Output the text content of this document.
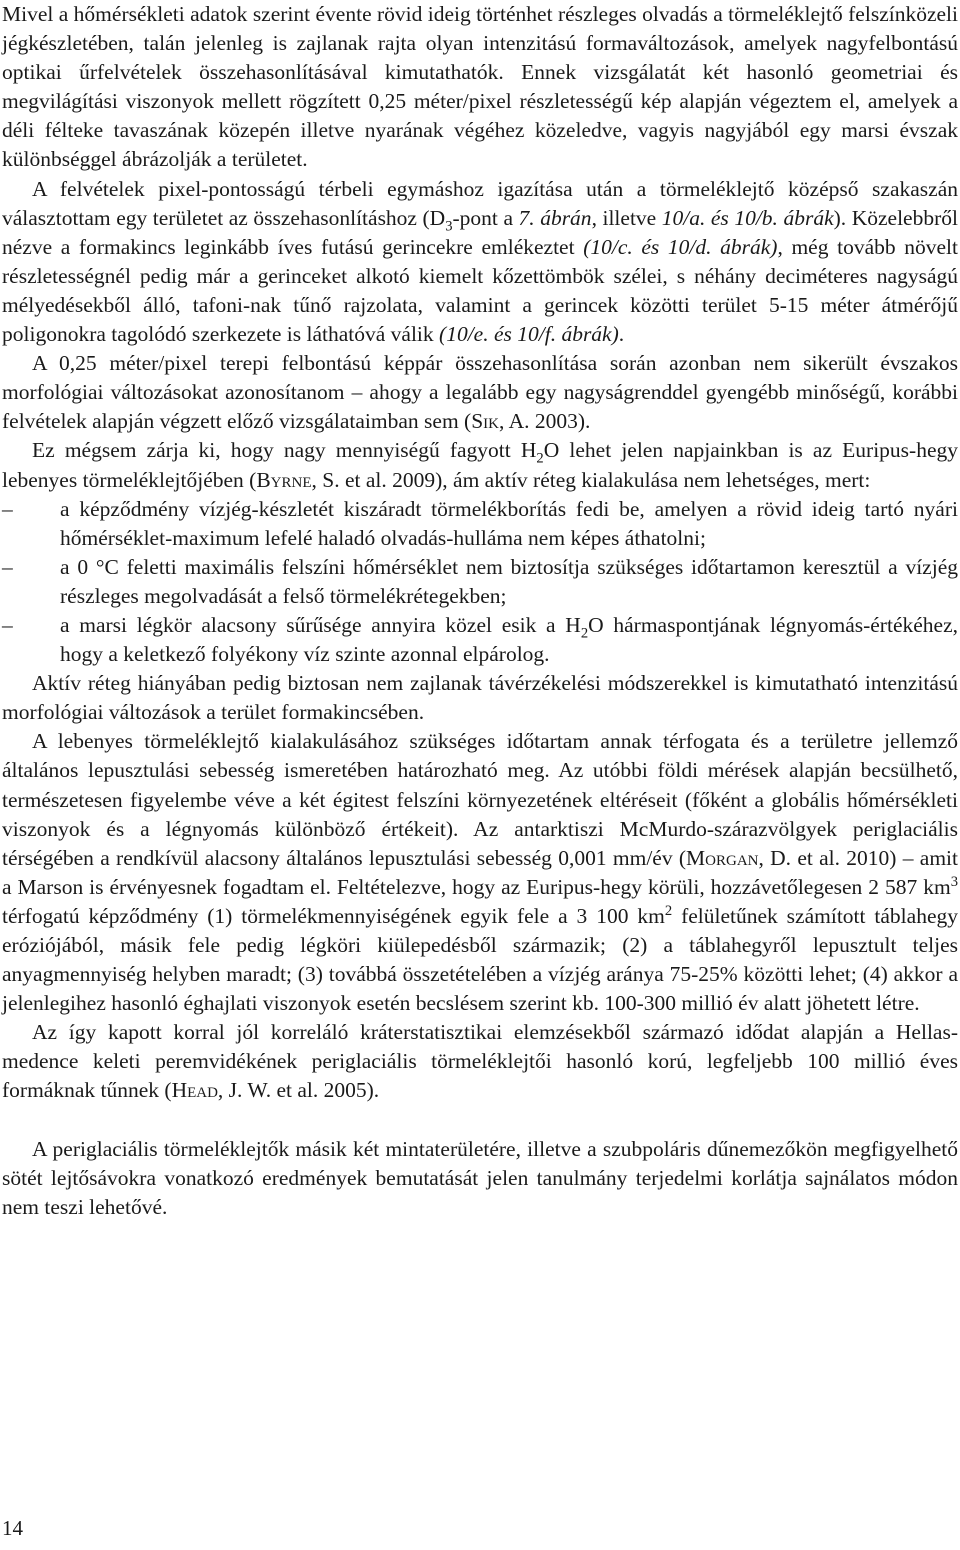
Mivel a hőmérsékleti adatok szerint évente rövid ideig történhet részleges olvadás a törmeléklejtő felszínközeli jégkészletében, talán jelenleg is zajlanak rajta olyan intenzitású formaváltozások, amelyek nagyfelbontású optikai űrfelvételek összehasonlításával kimutathatók. Ennek vizsgálatát két hasonló geometriai és megvilágítási viszonyok mellett rögzített 0,25 méter/pixel részletességű kép alapján végeztem el, amelyek a déli félteke tavaszának közepén illetve nyarának végéhez közeledve, vagyis nagyjából egy marsi évszak különbséggel ábrázolják a területet.

A felvételek pixel-pontosságú térbeli egymáshoz igazítása után a törmeléklejtő középső szakaszán választottam egy területet az összehasonlításhoz ($D_3$-pont a 7. ábrán, illetve 10/a. és 10/b. ábrák). Közelebbről nézve a formakincs leginkább íves futású gerincekre emlékeztet (10/c. és 10/d. ábrák), még tovább növelt részletességnél pedig már a gerinceket alkotó kiemelt kőzettömbök szélei, s néhány deciméteres nagyságú mélyedésekből álló, tafoni-nak tűnő rajzolata, valamint a gerincek közötti terület 5-15 méter átmérőjű poligonokra tagolódó szerkezete is láthatóvá válik (10/e. és 10/f. ábrák).

A 0,25 méter/pixel terepi felbontású képpár összehasonlítása során azonban nem sikerült évszakos morfológiai változásokat azonosítanom – ahogy a legalább egy nagyságrenddel gyengébb minőségű, korábbi felvételek alapján végzett előző vizsgálataimban sem (Sik, A. 2003).

Ez mégsem zárja ki, hogy nagy mennyiségű fagyott $H_2O$ lehet jelen napjainkban is az Euripus-hegy lebenyes törmeléklejtőjében (Byrne, S. et al. 2009), ám aktív réteg kialakulása nem lehetséges, mert:

– a képződmény vízjég-készletét kiszáradt törmelékborítás fedi be, amelyen a rövid ideig tartó nyári hőmérséklet-maximum lefelé haladó olvadás-hulláma nem képes áthatolni;
– a 0 °C feletti maximális felszíni hőmérséklet nem biztosítja szükséges időtartamon keresztül a vízjég részleges megolvadását a felső törmelékrétegekben;
– a marsi légkör alacsony sűrűsége annyira közel esik a $H_2O$ hármaspontjának légnyomás-értékéhez, hogy a keletkező folyékony víz szinte azonnal elpárolog.

Aktív réteg hiányában pedig biztosan nem zajlanak távérzékelési módszerekkel is kimutatható intenzitású morfológiai változások a terület formakincsében.

A lebenyes törmeléklejtő kialakulásához szükséges időtartam annak térfogata és a területre jellemző általános lepusztulási sebesség ismeretében határozható meg. Az utóbbi földi mérések alapján becsülhető, természetesen figyelembe véve a két égitest felszíni környezetének eltéréseit (főként a globális hőmérsékleti viszonyok és a légnyomás különböző értékeit). Az antarktiszi McMurdo-szárazvölgyek periglaciális térségében a rendkívül alacsony általános lepusztulási sebesség 0,001 mm/év (Morgan, D. et al. 2010) – amit a Marson is érvényesnek fogadtam el. Feltételezve, hogy az Euripus-hegy körüli, hozzávetőlegesen 2 587 $km^3$ térfogatú képződmény (1) törmelékmennyiségének egyik fele a 3 100 $km^2$ felületűnek számított táblahegy eróziójából, másik fele pedig légköri kiülepedésből származik; (2) a táblahegyről lepusztult teljes anyagmennyiség helyben maradt; (3) továbbá összetételében a vízjég aránya 75-25% közötti lehet; (4) akkor a jelenlegihez hasonló éghajlati viszonyok esetén becslésem szerint kb. 100-300 millió év alatt jöhetett létre.

Az így kapott korral jól korreláló kráterstatisztikai elemzésekből származó idődat alapján a Hellas-medence keleti peremvidékének periglaciális törmeléklejtői hasonló korú, legfeljebb 100 millió éves formáknak tűnnek (Head, J. W. et al. 2005).

A periglaciális törmeléklejtők másik két mintaterületére, illetve a szubpoláris dűnemezőkön megfigyelhető sötét lejtősávokra vonatkozó eredmények bemutatását jelen tanulmány terjedelmi korlátja sajnálatos módon nem teszi lehetővé.

14
